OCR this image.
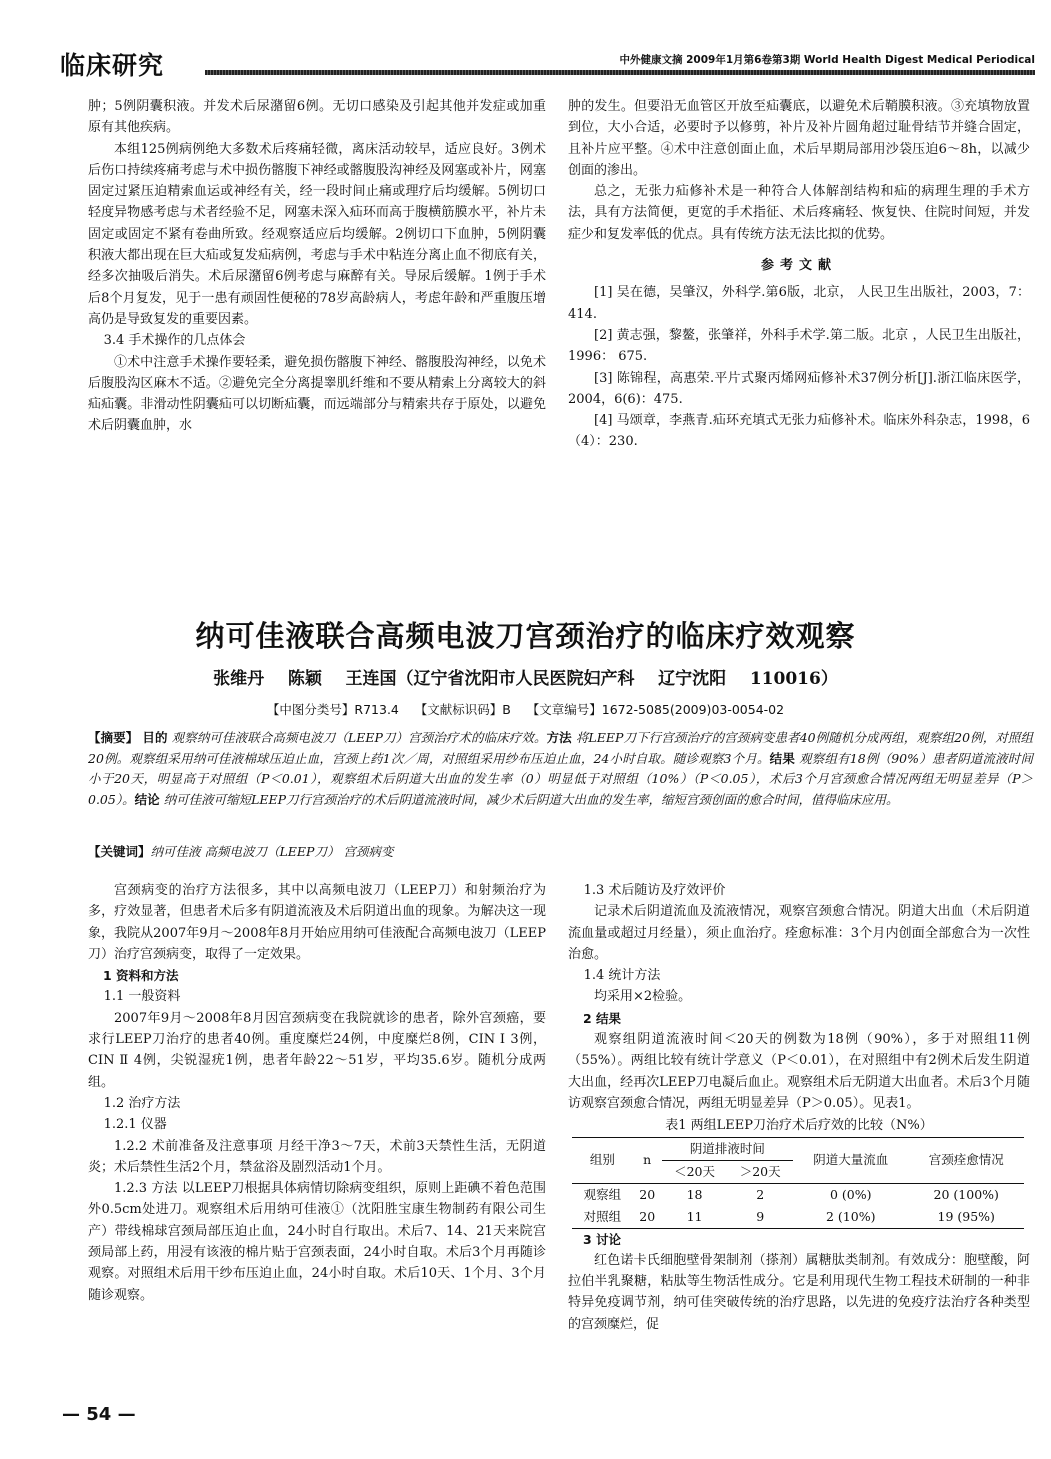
临床研究	中外健康文摘 2009年1月第6卷第3期 World Health Digest Medical Periodical

肿；5例阴囊积液。并发术后尿潴留6例。无切口感染及引起其他并发症或加重原有其他疾病。

本组125例病例绝大多数术后疼痛轻微，离床活动较早，适应良好。3例术后伤口持续疼痛考虑与术中损伤髂腹下神经或髂腹股沟神经及网塞或补片，网塞固定过紧压迫精索血运或神经有关，经一段时间止痛或理疗后均缓解。5例切口轻度异物感考虑与术者经验不足，网塞未深入疝环而高于腹横筋膜水平，补片未固定或固定不紧有卷曲所致。经观察适应后均缓解。2例切口下血肿，5例阴囊积液大都出现在巨大疝或复发疝病例，考虑与手术中粘连分离止血不彻底有关，经多次抽吸后消失。术后尿潴留6例考虑与麻醉有关。导尿后缓解。1例于手术后8个月复发，见于一患有顽固性便秘的78岁高龄病人，考虑年龄和严重腹压增高仍是导致复发的重要因素。

3.4 手术操作的几点体会

①术中注意手术操作要轻柔，避免损伤髂腹下神经、髂腹股沟神经，以免术后腹股沟区麻木不适。②避免完全分离提睾肌纤维和不要从精索上分离较大的斜疝疝囊。非滑动性阴囊疝可以切断疝囊，而远端部分与精索共存于原处，以避免术后阴囊血肿，水

肿的发生。但要沿无血管区开放至疝囊底，以避免术后鞘膜积液。③充填物放置到位，大小合适，必要时予以修剪，补片及补片圆角超过耻骨结节并缝合固定，且补片应平整。④术中注意创面止血，术后早期局部用沙袋压迫6～8h，以减少创面的渗出。

总之，无张力疝修补术是一种符合人体解剖结构和疝的病理生理的手术方法，具有方法简便，更宽的手术指征、术后疼痛轻、恢复快、住院时间短，并发症少和复发率低的优点。具有传统方法无法比拟的优势。

参考文献

[1] 吴在德，吴肇汉，外科学.第6版，北京， 人民卫生出版社，2003，7：414.

[2] 黄志强，黎鳌，张肇祥，外科手术学.第二版。北京 ，人民卫生出版社，1996： 675.

[3] 陈锦程，高惠荣.平片式聚丙烯网疝修补术37例分析[J].浙江临床医学，2004，6(6)：475.

[4] 马颂章，李燕青.疝环充填式无张力疝修补术。临床外科杂志，1998，6（4）：230.

纳可佳液联合高频电波刀宫颈治疗的临床疗效观察
张维丹    陈颖    王连国（辽宁省沈阳市人民医院妇产科    辽宁沈阳    110016）
【中图分类号】R713.4    【文献标识码】B    【文章编号】1672-5085(2009)03-0054-02
【摘要】 目的 观察纳可佳液联合高频电波刀（LEEP刀）宫颈治疗术的临床疗效。方法 将LEEP刀下行宫颈治疗的宫颈病变患者40例随机分成两组，观察组20例，对照组20例。观察组采用纳可佳液棉球压迫止血，宫颈上药1次／周，对照组采用纱布压迫止血，24小时自取。随诊观察3个月。结果 观察组有18例（90%）患者阴道流液时间小于20天，明显高于对照组（P＜0.01），观察组术后阴道大出血的发生率（0）明显低于对照组（10%）（P＜0.05），术后3个月宫颈愈合情况两组无明显差异（P＞0.05）。结论 纳可佳液可缩短LEEP刀行宫颈治疗的术后阴道流液时间，减少术后阴道大出血的发生率，缩短宫颈创面的愈合时间，值得临床应用。
【关键词】纳可佳液 高频电波刀（LEEP刀） 宫颈病变

宫颈病变的治疗方法很多，其中以高频电波刀（LEEP刀）和射频治疗为多，疗效显著，但患者术后多有阴道流液及术后阴道出血的现象。为解决这一现象，我院从2007年9月～2008年8月开始应用纳可佳液配合高频电波刀（LEEP刀）治疗宫颈病变，取得了一定效果。

1 资料和方法

1.1 一般资料

2007年9月～2008年8月因宫颈病变在我院就诊的患者，除外宫颈癌，要求行LEEP刀治疗的患者40例。重度糜烂24例，中度糜烂8例，CIN Ⅰ 3例，CIN Ⅱ 4例，尖锐湿疣1例，患者年龄22～51岁，平均35.6岁。随机分成两组。

1.2 治疗方法

1.2.1 仪器

1.2.2 术前准备及注意事项 月经干净3～7天，术前3天禁性生活，无阴道炎；术后禁性生活2个月，禁盆浴及剧烈活动1个月。

1.2.3 方法 以LEEP刀根据具体病情切除病变组织，原则上距碘不着色范围外0.5cm处进刀。观察组术后用纳可佳液①（沈阳胜宝康生物制药有限公司生产）带线棉球宫颈局部压迫止血，24小时自行取出。术后7、14、21天来院宫颈局部上药，用浸有该液的棉片贴于宫颈表面，24小时自取。术后3个月再随诊观察。对照组术后用干纱布压迫止血，24小时自取。术后10天、1个月、3个月随诊观察。

1.3 术后随访及疗效评价

记录术后阴道流血及流液情况，观察宫颈愈合情况。阴道大出血（术后阴道流血量或超过月经量），须止血治疗。痊愈标准：3个月内创面全部愈合为一次性治愈。

1.4 统计方法

均采用×2检验。

2 结果

观察组阴道流液时间＜20天的例数为18例（90%），多于对照组11例（55%）。两组比较有统计学意义（P＜0.01），在对照组中有2例术后发生阴道大出血，经再次LEEP刀电凝后血止。观察组术后无阴道大出血者。术后3个月随访观察宫颈愈合情况，两组无明显差异（P＞0.05）。见表1。

表1 两组LEEP刀治疗术后疗效的比较（N%）
组别	n	阴道排液时间		阴道大量流血	宫颈痊愈情况
		＜20天	＞20天		
观察组	20	18	2	0 (0%)	20 (100%)
对照组	20	11	9	2 (10%)	19 (95%)

3 讨论

红色诺卡氏细胞壁骨架制剂（搽剂）属糖肽类制剂。有效成分：胞壁酸，阿拉伯半乳聚糖，粘肽等生物活性成分。它是利用现代生物工程技术研制的一种非特异免疫调节剂，纳可佳突破传统的治疗思路，以先进的免疫疗法治疗各种类型的宫颈糜烂，促

— 54 —
